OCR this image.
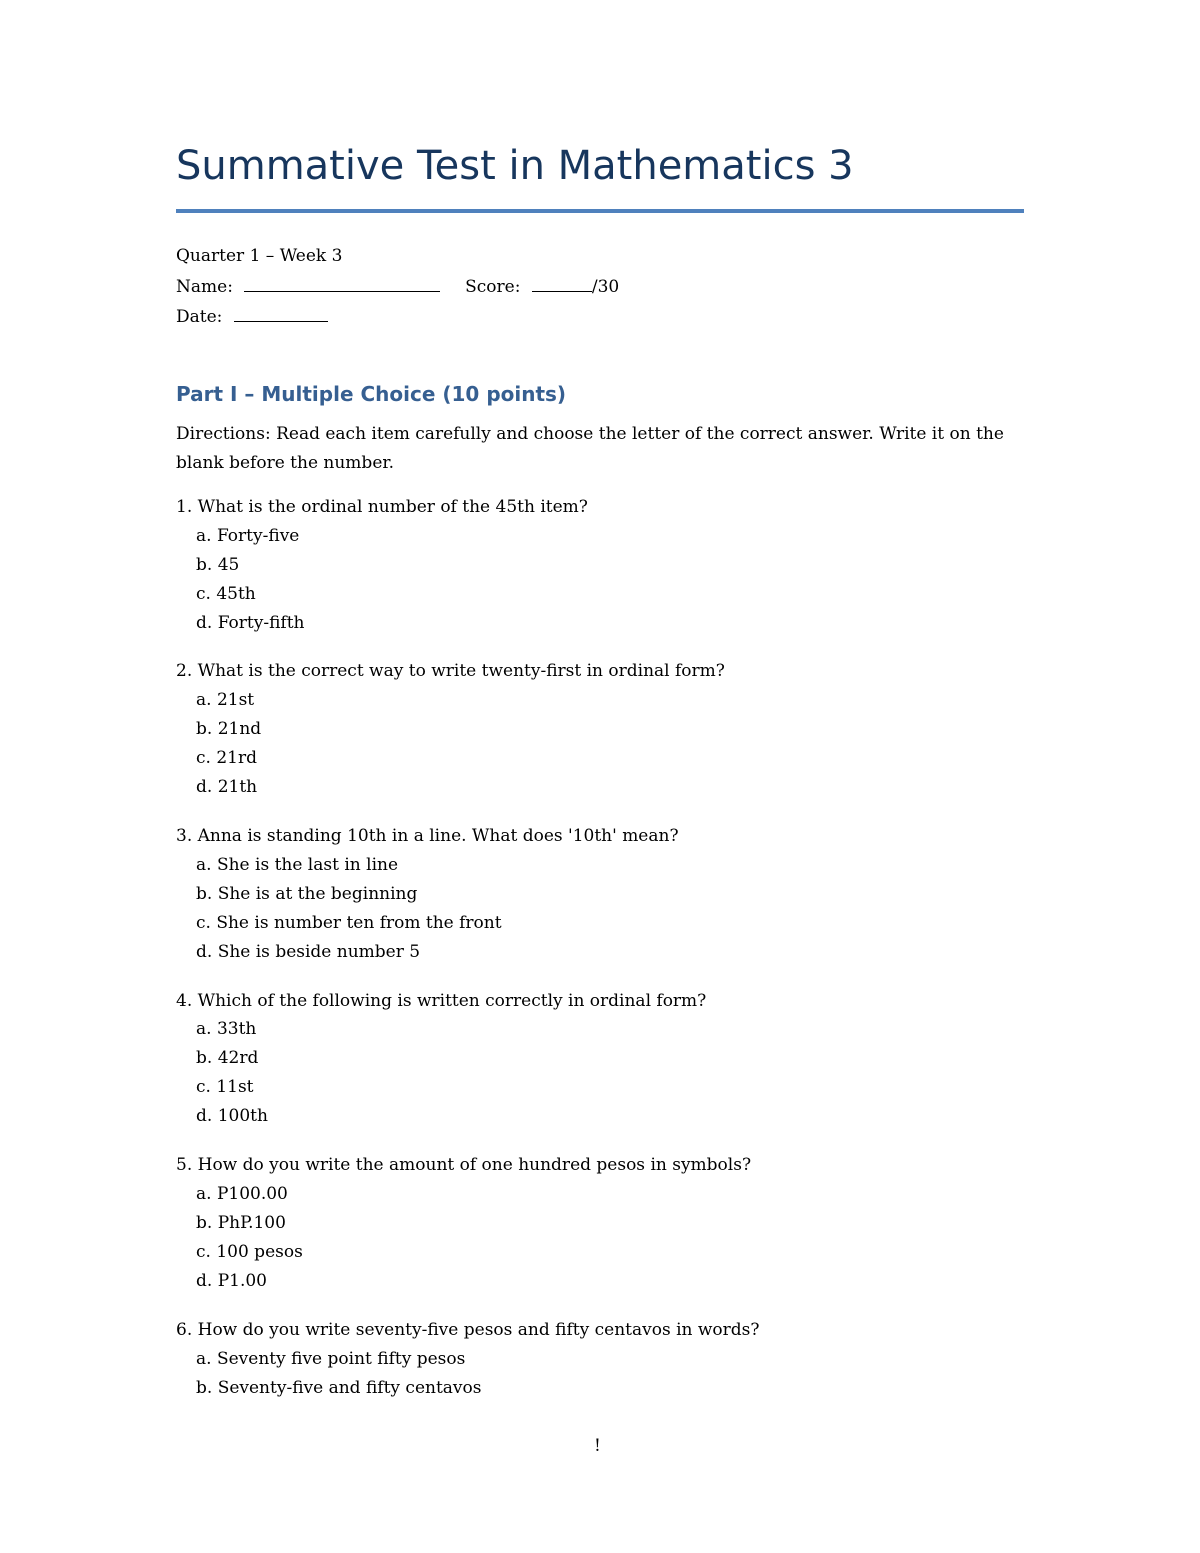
Summative Test in Mathematics 3
Quarter 1 – Week 3
Name:	Score:	/30
Date:
Part I – Multiple Choice (10 points)
Directions: Read each item carefully and choose the letter of the correct answer. Write it on the blank before the number.
1. What is the ordinal number of the 45th item?
a. Forty-five
b. 45
c. 45th
d. Forty-fifth
2. What is the correct way to write twenty-first in ordinal form?
a. 21st
b. 21nd
c. 21rd
d. 21th
3. Anna is standing 10th in a line. What does '10th' mean?
a. She is the last in line
b. She is at the beginning
c. She is number ten from the front
d. She is beside number 5
4. Which of the following is written correctly in ordinal form?
a. 33th
b. 42rd
c. 11st
d. 100th
5. How do you write the amount of one hundred pesos in symbols?
a. P100.00
b. PhP.100
c. 100 pesos
d. P1.00
6. How do you write seventy-five pesos and fifty centavos in words?
a. Seventy five point fifty pesos
b. Seventy-five and fifty centavos
!
